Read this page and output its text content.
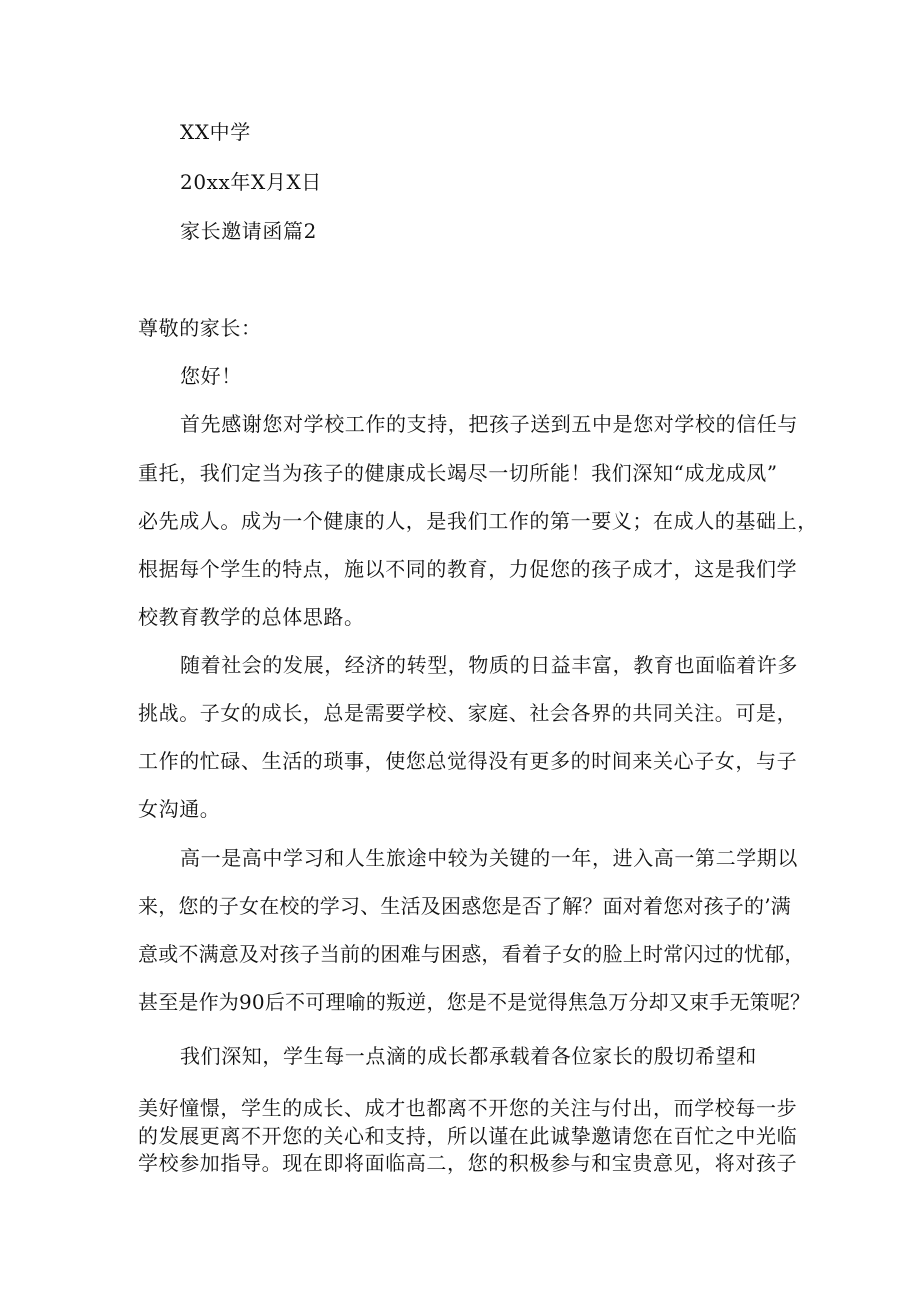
XX中学

20xx年X月X日

家长邀请函篇2

尊敬的家长：

您好！

首先感谢您对学校工作的支持，把孩子送到五中是您对学校的信任与

重托，我们定当为孩子的健康成长竭尽一切所能！我们深知“成龙成凤”

必先成人。成为一个健康的人，是我们工作的第一要义；在成人的基础上，

根据每个学生的特点，施以不同的教育，力促您的孩子成才，这是我们学

校教育教学的总体思路。

随着社会的发展，经济的转型，物质的日益丰富，教育也面临着许多

挑战。子女的成长，总是需要学校、家庭、社会各界的共同关注。可是，

工作的忙碌、生活的琐事，使您总觉得没有更多的时间来关心子女，与子

女沟通。

高一是高中学习和人生旅途中较为关键的一年，进入高一第二学期以

来，您的子女在校的学习、生活及困惑您是否了解？面对着您对孩子的’满

意或不满意及对孩子当前的困难与困惑，看着子女的脸上时常闪过的忧郁，

甚至是作为90后不可理喻的叛逆，您是不是觉得焦急万分却又束手无策呢？

我们深知，学生每一点滴的成长都承载着各位家长的殷切希望和

美好憧憬，学生的成长、成才也都离不开您的关注与付出，而学校每一步

的发展更离不开您的关心和支持，所以谨在此诚挚邀请您在百忙之中光临

学校参加指导。现在即将面临高二，您的积极参与和宝贵意见，将对孩子
